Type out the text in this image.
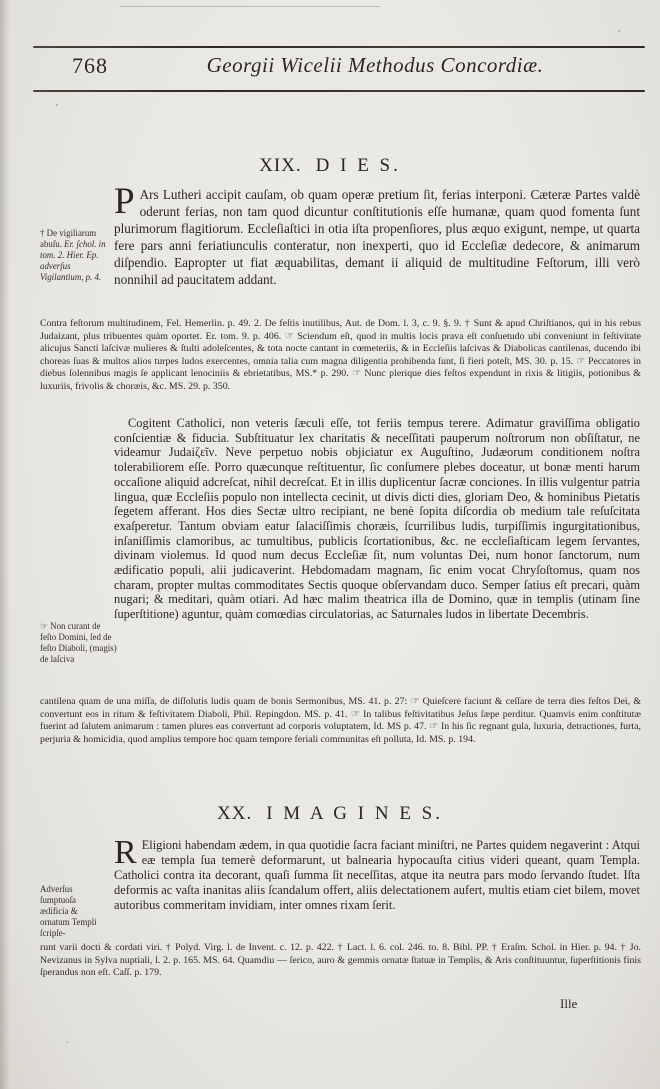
768	Georgii Wicelii Methodus Concordiæ.
XIX. D I E S.
P Ars Lutheri accipit cauſam, ob quam operæ pretium ſit, ferias interponi. Cæteræ Partes valdè oderunt ferias, non tam quod dicuntur conſtitutionis eſſe humanæ, quam quod fomenta ſunt plurimorum flagitiorum. Eccleſiaſtici in otia iſta propenſiores, plus æquo exigunt, nempe, ut quarta fere pars anni feriatiunculis conteratur, non inexperti, quo id Eccleſiæ dedecore, & animarum diſpendio. Eapropter ut fiat æquabilitas, demant ii aliquid de multitudine Feſtorum, illi verò nonnihil ad paucitatem addant.
† De vigiliarum abuſu. Er. ſchol. in tom. 2. Hier. Ep. adverſus Vigilantium, p. 4.
Contra feſtorum multitudinem, Fel. Hemerlin. p. 49. 2. De feſtis inutilibus, Aut. de Dom. l. 3, c. 9. §. 9. † Sunt & apud Chriſtianos, qui in his rebus Judaizant, plus tribuentes quàm oportet. Er. tom. 9. p. 406. ☞ Sciendum eſt, quod in multis locis prava eſt conſuetudo ubi conveniunt in feſtivitate alicujus Sancti laſcivæ mulieres & ſtulti adoleſcentes, & tota nocte cantant in cœmeteriis, & in Eccleſiis laſcivas & Diabolicas cantilenas, ducendo ibi choreas ſuas & multos alios turpes ludos exercentes, omnia talia cum magna diligentia prohibenda ſunt, ſi fieri poteſt, MS. 30. p. 15. ☞ Peccatores in diebus ſolennibus magis ſe applicant lenociniis & ebrietatibus, MS.* p. 290. ☞ Nunc plerique dies feſtos expendunt in rixis & litigiis, potionibus & luxuriis, frivolis & choræis, &c. MS. 29. p. 350.
Cogitent Catholici, non veteris ſæculi eſſe, tot feriis tempus terere. Adimatur graviſſima obligatio conſcientiæ & fiducia. Subſtituatur lex charitatis & neceſſitati pauperum noſtrorum non obſiſtatur, ne videamur Judaiζεῖν. Neve perpetuo nobis objiciatur ex Auguſtino, Judæorum conditionem noſtra tolerabiliorem eſſe. Porro quæcunque reſtituentur, ſic conſumere plebes doceatur, ut bonæ menti harum occaſione aliquid adcreſcat, nihil decreſcat. Et in illis duplicentur ſacræ conciones. In illis vulgentur patria lingua, quæ Eccleſiis populo non intellecta cecinit, ut divis dicti dies, gloriam Deo, & hominibus Pietatis ſegetem afferant. Hos dies Sectæ ultro recipiant, ne benè ſopita diſcordia ob medium tale reſuſcitata exaſperetur. Tantum obviam eatur ſalaciſſimis choræis, ſcurrilibus ludis, turpiſſimis ingurgitationibus, inſaniſſimis clamoribus, ac tumultibus, publicis ſcortationibus, &c. ne eccleſiaſticam legem ſervantes, divinam violemus. Id quod num decus Eccleſiæ ſit, num voluntas Dei, num honor ſanctorum, num ædificatio populi, alii judicaverint. Hebdomadam magnam, ſic enim vocat Chryſoſtomus, quam nos charam, propter multas commoditates Sectis quoque obſervandam duco. Semper ſatius eſt precari, quàm nugari; & meditari, quàm otiari. Ad hæc malim theatrica illa de Domino, quæ in templis (utinam ſine ſuperſtitione) aguntur, quàm comœdias circulatorias, ac Saturnales ludos in libertate Decembris.
☞ Non curant de feſto Domini, ſed de feſto Diaboli, (magis) de laſciva
cantilena quam de una miſſa, de diſſolutis ludis quam de bonis Sermonibus, MS. 41. p. 27: ☞ Quieſcere faciunt & ceſſare de terra dies feſtos Dei, & convertunt eos in ritum & feſtivitatem Diaboli, Phil. Repingdon. MS. p. 41. ☞ In talibus feſtivitatibus Jeſus ſæpe perditur. Quamvis enim conſtitutæ fuerint ad ſalutem animarum : tamen plures eas convertunt ad corporis voluptatem, Id. MS p. 47. ☞ In his ſic regnant gula, luxuria, detractiones, furta, perjuria & homicidia, quod amplius tempore hoc quam tempore feriali communitas eſt polluta, Id. MS. p. 194.
XX. I M A G I N E S.
R Eligioni habendam ædem, in qua quotidie ſacra faciant miniſtri, ne Partes quidem negaverint : Atqui eæ templa ſua temerè deformarunt, ut balnearia hypocauſta citius videri queant, quam Templa. Catholici contra ita decorant, quaſi ſumma ſit neceſſitas, atque ita neutra pars modo ſervando ſtudet. Iſta deformis ac vaſta inanitas aliis ſcandalum offert, aliis delectationem aufert, multis etiam ciet bilem, movet autoribus commeritam invidiam, inter omnes rixam ſerit.
Adverſus ſumptuoſa ædificia & ornatum Templi ſcripſe-
runt varii docti & cordati viri. † Polyd. Virg. l. de Invent. c. 12. p. 422. † Lact. l. 6. col. 246. to. 8. Bibl. PP. † Eraſm. Schol. in Hier. p. 94. † Jo. Nevizanus in Sylva nuptiali, l. 2. p. 165. MS. 64. Quamdiu — ſerico, auro & gemmis ornatæ ſtatuæ in Templis, & Aris conſtituuntur, ſuperſtitionis finis ſperandus non eſt. Caſſ. p. 179.
Ille
